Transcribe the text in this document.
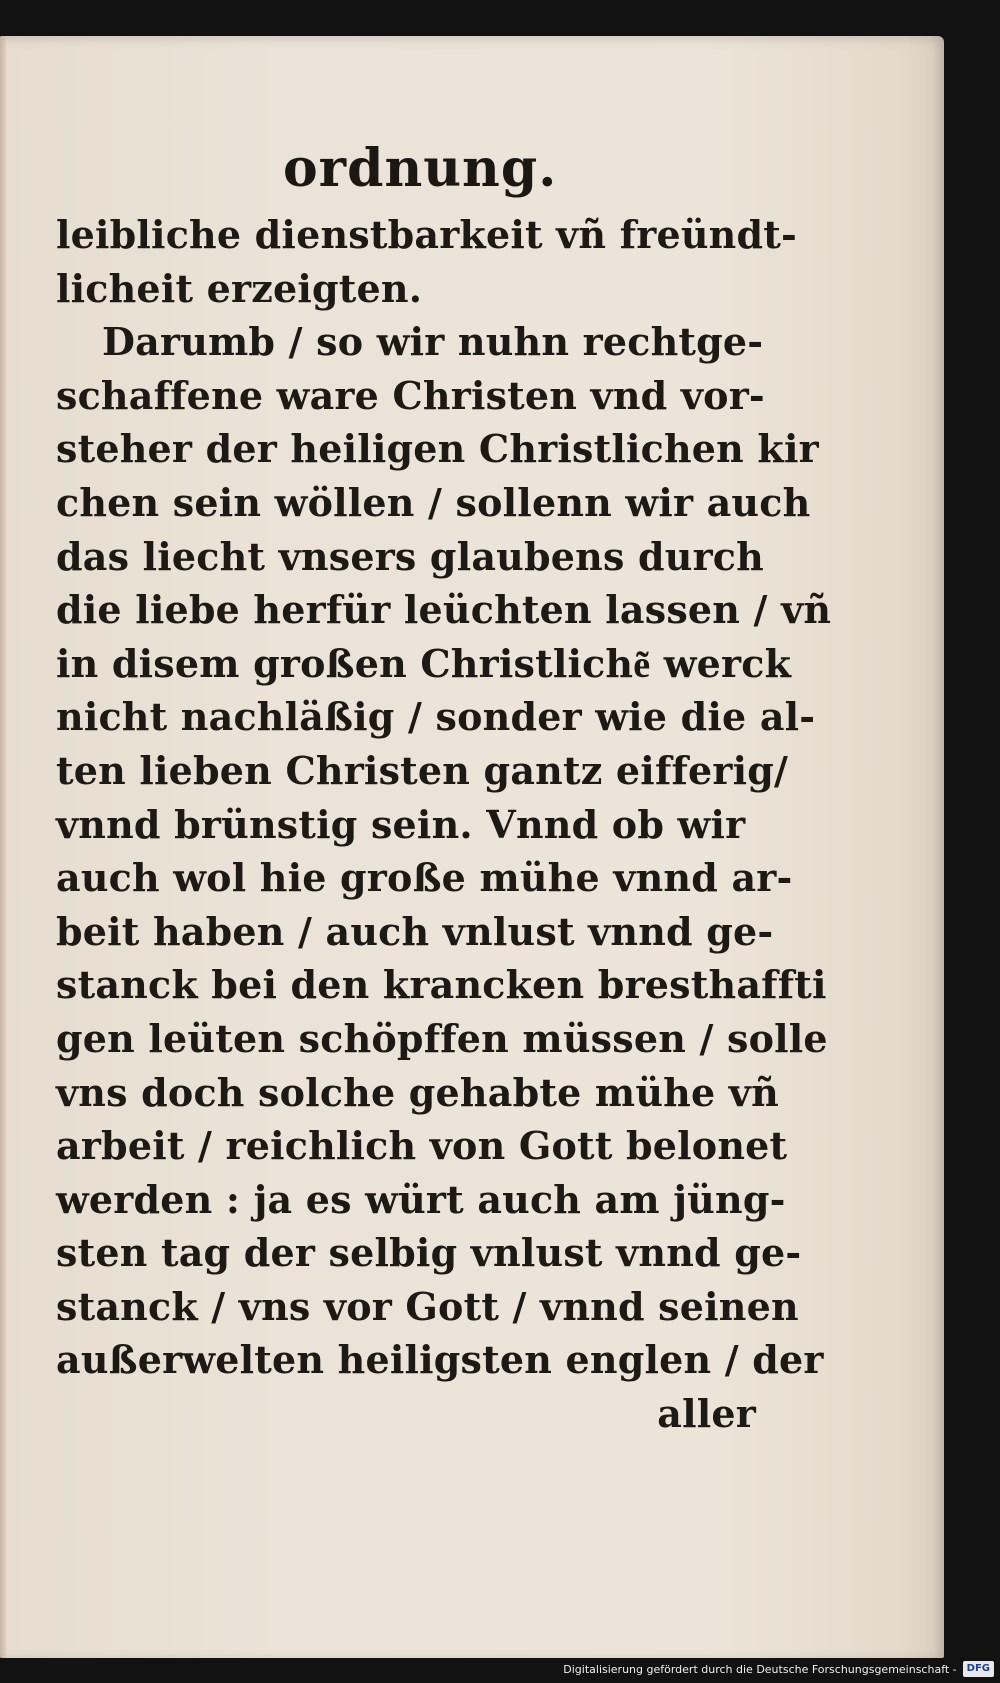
ordnung.
leibliche dienstbarkeit vñ freündt-
licheit erzeigten.
Darumb / so wir nuhn rechtge-
schaffene ware Christen vnd vor-
steher der heiligen Christlichen kir
chen sein wöllen / sollenn wir auch
das liecht vnsers glaubens durch
die liebe herfür leüchten lassen / vñ
in disem großen Christliche͂ werck
nicht nachläßig / sonder wie die al-
ten lieben Christen gantz eifferig/
vnnd brünstig sein. Vnnd ob wir
auch wol hie große mühe vnnd ar-
beit haben / auch vnlust vnnd ge-
stanck bei den krancken bresthaffti
gen leüten schöpffen müssen / solle
vns doch solche gehabte mühe vñ
arbeit / reichlich von Gott belonet
werden : ja es würt auch am jüng-
sten tag der selbig vnlust vnnd ge-
stanck / vns vor Gott / vnnd seinen
außerwelten heiligsten englen / der
aller
Digitalisierung gefördert durch die Deutsche Forschungsgemeinschaft -	DFG
